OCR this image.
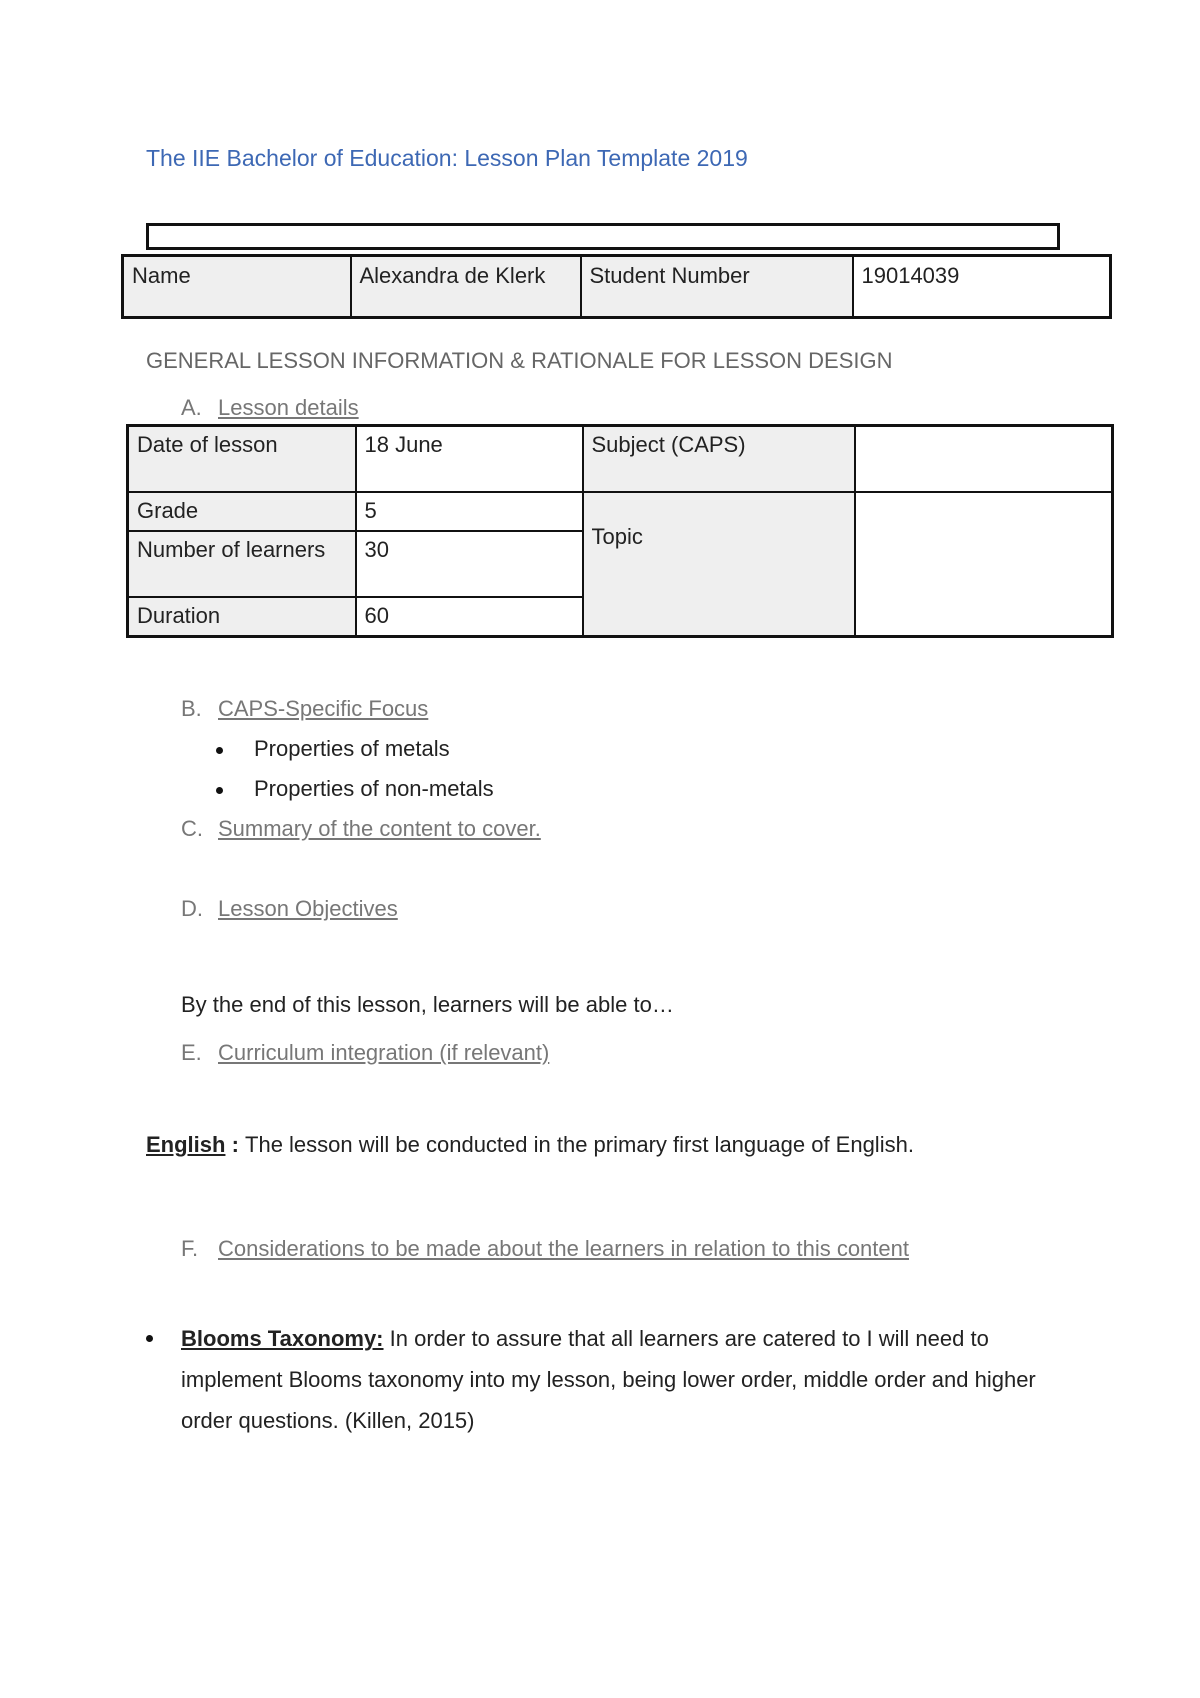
The IIE Bachelor of Education: Lesson Plan Template 2019
Name	Alexandra de Klerk	Student Number	19014039
GENERAL LESSON INFORMATION & RATIONALE FOR LESSON DESIGN
A. Lesson details
Date of lesson	18 June	Subject (CAPS)	
Grade	5	Topic	
Number of learners	30		
Duration	60		
B. CAPS-Specific Focus
Properties of metals
Properties of non-metals
C. Summary of the content to cover.
D. Lesson Objectives
By the end of this lesson, learners will be able to…
E. Curriculum integration (if relevant)
English : The lesson will be conducted in the primary first language of English.
F. Considerations to be made about the learners in relation to this content
Blooms Taxonomy: In order to assure that all learners are catered to I will need to implement Blooms taxonomy into my lesson, being lower order, middle order and higher order questions. (Killen, 2015)
